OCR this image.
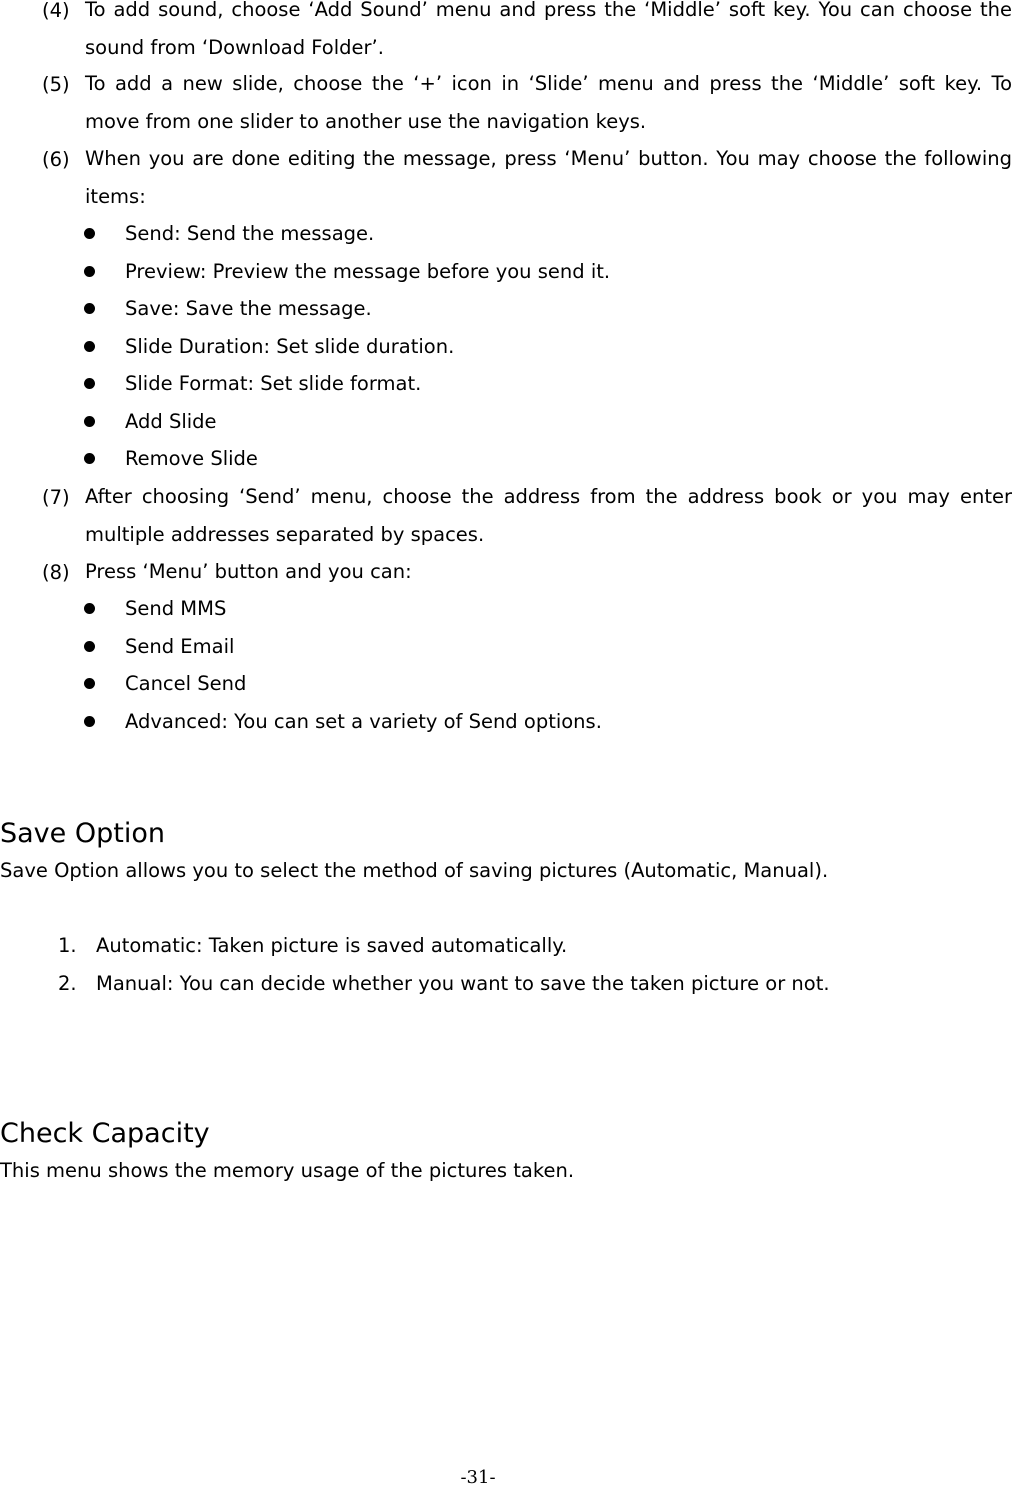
(4) To add sound, choose ‘Add Sound’ menu and press the ‘Middle’ soft key. You can choose the sound from ‘Download Folder’.
(5) To add a new slide, choose the ‘+’ icon in ‘Slide’ menu and press the ‘Middle’ soft key. To move from one slider to another use the navigation keys.
(6) When you are done editing the message, press ‘Menu’ button. You may choose the following items:
Send: Send the message.
Preview: Preview the message before you send it.
Save: Save the message.
Slide Duration: Set slide duration.
Slide Format: Set slide format.
Add Slide
Remove Slide
(7) After choosing ‘Send’ menu, choose the address from the address book or you may enter multiple addresses separated by spaces.
(8) Press ‘Menu’ button and you can:
Send MMS
Send Email
Cancel Send
Advanced: You can set a variety of Send options.
Save Option
Save Option allows you to select the method of saving pictures (Automatic, Manual).
1. Automatic: Taken picture is saved automatically.
2. Manual: You can decide whether you want to save the taken picture or not.
Check Capacity
This menu shows the memory usage of the pictures taken.
-31-
